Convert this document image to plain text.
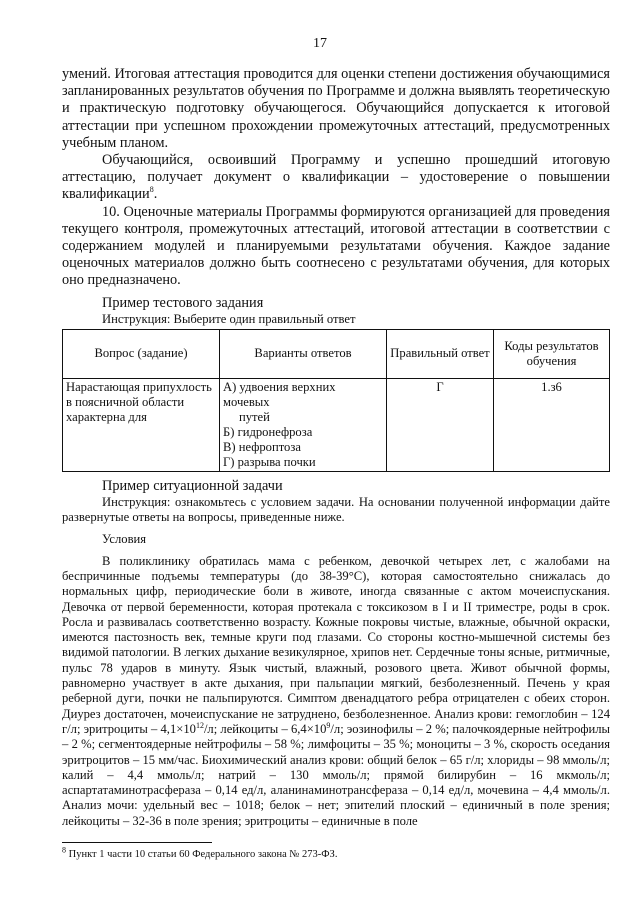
17

умений. Итоговая аттестация проводится для оценки степени достижения обучающимися запланированных результатов обучения по Программе и должна выявлять теоретическую и практическую подготовку обучающегося. Обучающийся допускается к итоговой аттестации при успешном прохождении промежуточных аттестаций, предусмотренных учебным планом.

Обучающийся, освоивший Программу и успешно прошедший итоговую аттестацию, получает документ о квалификации – удостоверение о повышении квалификации$^8$.

10. Оценочные материалы Программы формируются организацией для проведения текущего контроля, промежуточных аттестаций, итоговой аттестации в соответствии с содержанием модулей и планируемыми результатами обучения. Каждое задание оценочных материалов должно быть соотнесено с результатами обучения, для которых оно предназначено.

Пример тестового задания

Инструкция: Выберите один правильный ответ

Вопрос (задание)	Варианты ответов	Правильный ответ	Коды результатов обучения
Нарастающая припухлость в поясничной области характерна для	А) удвоения верхних мочевых
путей
Б) гидронефроза
В) нефроптоза
Г) разрыва почки	Г	1.з6

Пример ситуационной задачи

Инструкция: ознакомьтесь с условием задачи. На основании полученной информации дайте развернутые ответы на вопросы, приведенные ниже.

Условия

В поликлинику обратилась мама с ребенком, девочкой четырех лет, с жалобами на беспричинные подъемы температуры (до 38-39°С), которая самостоятельно снижалась до нормальных цифр, периодические боли в животе, иногда связанные с актом мочеиспускания. Девочка от первой беременности, которая протекала с токсикозом в I и II триместре, роды в срок. Росла и развивалась соответственно возрасту. Кожные покровы чистые, влажные, обычной окраски, имеются пастозность век, темные круги под глазами. Со стороны костно-мышечной системы без видимой патологии. В легких дыхание везикулярное, хрипов нет. Сердечные тоны ясные, ритмичные, пульс 78 ударов в минуту. Язык чистый, влажный, розового цвета. Живот обычной формы, равномерно участвует в акте дыхания, при пальпации мягкий, безболезненный. Печень у края реберной дуги, почки не пальпируются. Симптом двенадцатого ребра отрицателен с обеих сторон. Диурез достаточен, мочеиспускание не затруднено, безболезненное. Анализ крови: гемоглобин – 124 г/л; эритроциты – $4,1\times 10^{12}/л$; лейкоциты – $6,4\times 10^9/л$; эозинофилы – 2 %; палочкоядерные нейтрофилы – 2 %; сегментоядерные нейтрофилы – 58 %; лимфоциты – 35 %; моноциты – 3 %, скорость оседания эритроцитов – 15 мм/час. Биохимический анализ крови: общий белок – 65 г/л; хлориды – 98 ммоль/л; калий – 4,4 ммоль/л; натрий – 130 ммоль/л; прямой билирубин – 16 мкмоль/л; аспартатаминотрасфераза – 0,14 ед/л, аланинаминотрансфераза – 0,14 ед/л, мочевина – 4,4 ммоль/л. Анализ мочи: удельный вес – 1018; белок – нет; эпителий плоский – единичный в поле зрения; лейкоциты – 32-36 в поле зрения; эритроциты – единичные в поле

$^8$ Пункт 1 части 10 статьи 60 Федерального закона № 273-ФЗ.
